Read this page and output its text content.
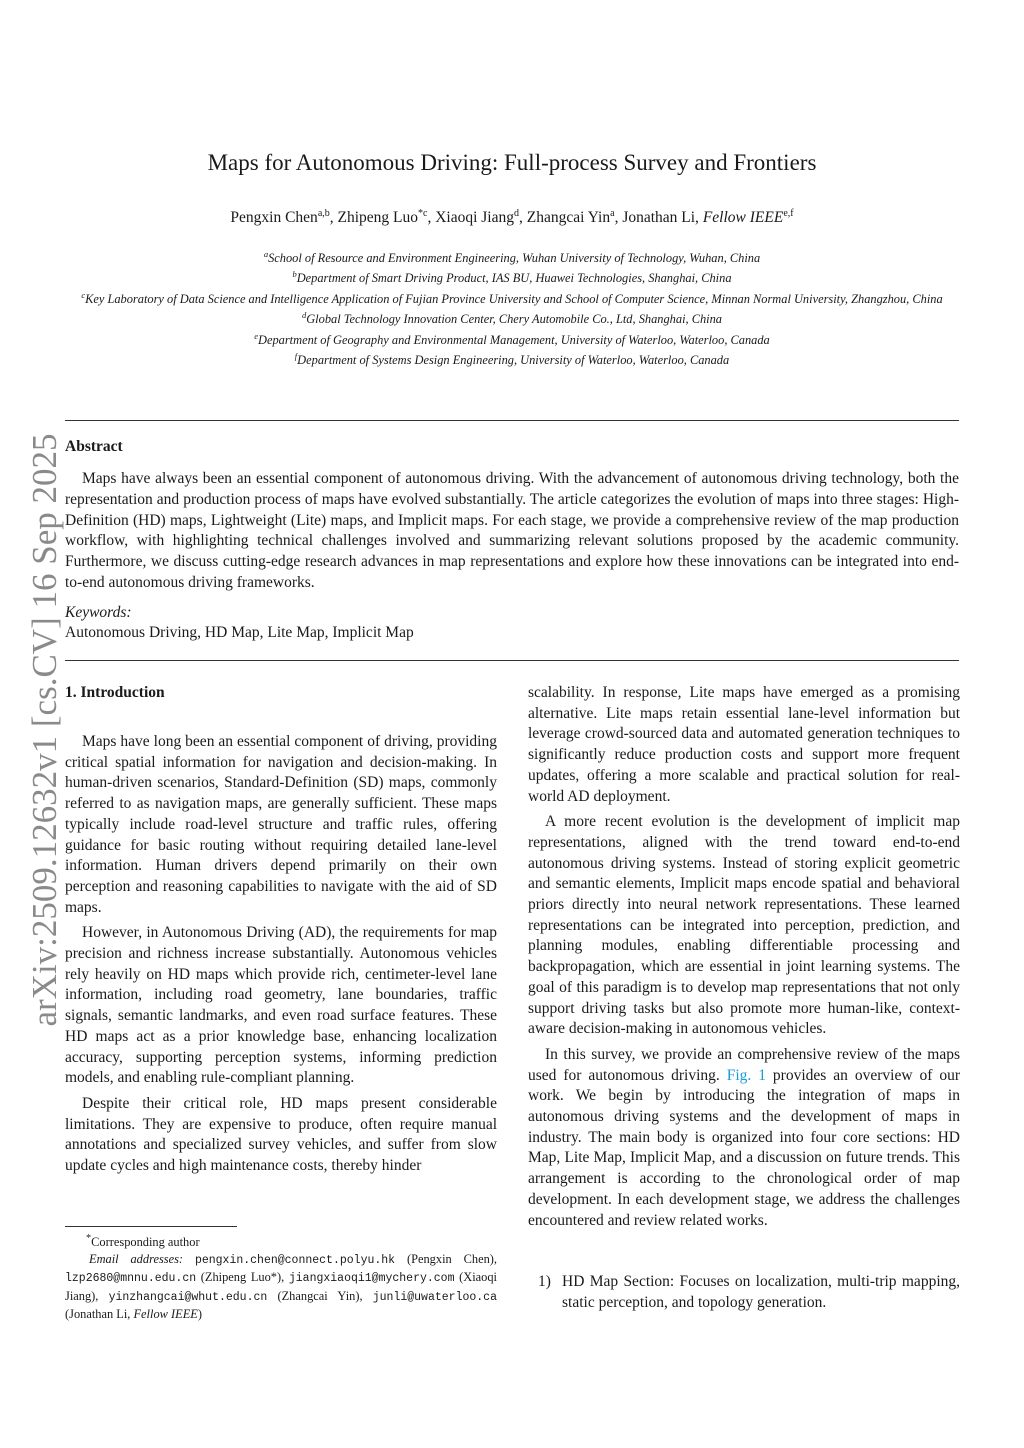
arXiv:2509.12632v1 [cs.CV] 16 Sep 2025
Maps for Autonomous Driving: Full-process Survey and Frontiers
Pengxin Chen$^{a,b}$, Zhipeng Luo$^{*c}$, Xiaoqi Jiang$^d$, Zhangcai Yin$^a$, Jonathan Li, Fellow IEEE$^{e,f}$
$^a$School of Resource and Environment Engineering, Wuhan University of Technology, Wuhan, China
$^b$Department of Smart Driving Product, IAS BU, Huawei Technologies, Shanghai, China
$^c$Key Laboratory of Data Science and Intelligence Application of Fujian Province University and School of Computer Science, Minnan Normal University, Zhangzhou, China
$^d$Global Technology Innovation Center, Chery Automobile Co., Ltd, Shanghai, China
$^e$Department of Geography and Environmental Management, University of Waterloo, Waterloo, Canada
$^f$Department of Systems Design Engineering, University of Waterloo, Waterloo, Canada
Abstract
Maps have always been an essential component of autonomous driving. With the advancement of autonomous driving technology, both the representation and production process of maps have evolved substantially. The article categorizes the evolution of maps into three stages: High-Definition (HD) maps, Lightweight (Lite) maps, and Implicit maps. For each stage, we provide a comprehensive review of the map production workflow, with highlighting technical challenges involved and summarizing relevant solutions proposed by the academic community. Furthermore, we discuss cutting-edge research advances in map representations and explore how these innovations can be integrated into end-to-end autonomous driving frameworks.
Keywords:
Autonomous Driving, HD Map, Lite Map, Implicit Map
1. Introduction

Maps have long been an essential component of driving, providing critical spatial information for navigation and decision-making. In human-driven scenarios, Standard-Definition (SD) maps, commonly referred to as navigation maps, are generally sufficient. These maps typically include road-level structure and traffic rules, offering guidance for basic routing without requiring detailed lane-level information. Human drivers depend primarily on their own perception and reasoning capabilities to navigate with the aid of SD maps.

However, in Autonomous Driving (AD), the requirements for map precision and richness increase substantially. Autonomous vehicles rely heavily on HD maps which provide rich, centimeter-level lane information, including road geometry, lane boundaries, traffic signals, semantic landmarks, and even road surface features. These HD maps act as a prior knowledge base, enhancing localization accuracy, supporting perception systems, informing prediction models, and enabling rule-compliant planning.

Despite their critical role, HD maps present considerable limitations. They are expensive to produce, often require manual annotations and specialized survey vehicles, and suffer from slow update cycles and high maintenance costs, thereby hinder

scalability. In response, Lite maps have emerged as a promising alternative. Lite maps retain essential lane-level information but leverage crowd-sourced data and automated generation techniques to significantly reduce production costs and support more frequent updates, offering a more scalable and practical solution for real-world AD deployment.

A more recent evolution is the development of implicit map representations, aligned with the trend toward end-to-end autonomous driving systems. Instead of storing explicit geometric and semantic elements, Implicit maps encode spatial and behavioral priors directly into neural network representations. These learned representations can be integrated into perception, prediction, and planning modules, enabling differentiable processing and backpropagation, which are essential in joint learning systems. The goal of this paradigm is to develop map representations that not only support driving tasks but also promote more human-like, context-aware decision-making in autonomous vehicles.

In this survey, we provide an comprehensive review of the maps used for autonomous driving. Fig. 1 provides an overview of our work. We begin by introducing the integration of maps in autonomous driving systems and the development of maps in industry. The main body is organized into four core sections: HD Map, Lite Map, Implicit Map, and a discussion on future trends. This arrangement is according to the chronological order of map development. In each development stage, we address the challenges encountered and review related works.

1) HD Map Section: Focuses on localization, multi-trip mapping, static perception, and topology generation.
*Corresponding author
Email addresses: pengxin.chen@connect.polyu.hk (Pengxin Chen), lzp2680@mnnu.edu.cn (Zhipeng Luo*), jiangxiaoqi1@mychery.com (Xiaoqi Jiang), yinzhangcai@whut.edu.cn (Zhangcai Yin), junli@uwaterloo.ca (Jonathan Li, Fellow IEEE)
